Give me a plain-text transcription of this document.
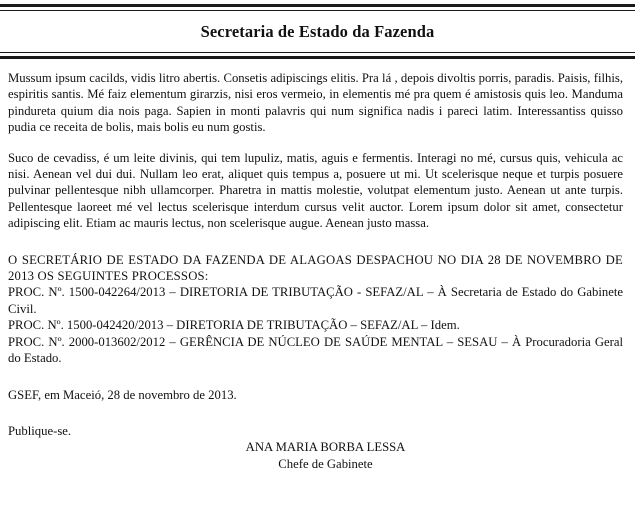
Secretaria de Estado da Fazenda

Mussum ipsum cacilds, vidis litro abertis. Consetis adipiscings elitis. Pra lá , depois divoltis porris, paradis. Paisis, filhis, espiritis santis. Mé faiz elementum girarzis, nisi eros vermeio, in elementis mé pra quem é amistosis quis leo. Manduma pindureta quium dia nois paga. Sapien in monti palavris qui num significa nadis i pareci latim. Interessantiss quisso pudia ce receita de bolis, mais bolis eu num gostis.

Suco de cevadiss, é um leite divinis, qui tem lupuliz, matis, aguis e fermentis. Interagi no mé, cursus quis, vehicula ac nisi. Aenean vel dui dui. Nullam leo erat, aliquet quis tempus a, posuere ut mi. Ut scelerisque neque et turpis posuere pulvinar pellentesque nibh ullamcorper. Pharetra in mattis molestie, volutpat elementum justo. Aenean ut ante turpis. Pellentesque laoreet mé vel lectus scelerisque interdum cursus velit auctor. Lorem ipsum dolor sit amet, consectetur adipiscing elit. Etiam ac mauris lectus, non scelerisque augue. Aenean justo massa.

O SECRETÁRIO DE ESTADO DA FAZENDA DE ALAGOAS DESPACHOU NO DIA 28 DE NOVEMBRO DE 2013 OS SEGUINTES PROCESSOS:

PROC. Nº. 1500-042264/2013 – DIRETORIA DE TRIBUTAÇÃO - SEFAZ/AL – À Secretaria de Estado do Gabinete Civil.

PROC. Nº. 1500-042420/2013 – DIRETORIA DE TRIBUTAÇÃO – SEFAZ/AL – Idem.

PROC. Nº. 2000-013602/2012 – GERÊNCIA DE NÚCLEO DE SAÚDE MENTAL – SESAU – À Procuradoria Geral do Estado.

GSEF, em Maceió, 28 de novembro de 2013.

Publique-se.

ANA MARIA BORBA LESSA

Chefe de Gabinete
